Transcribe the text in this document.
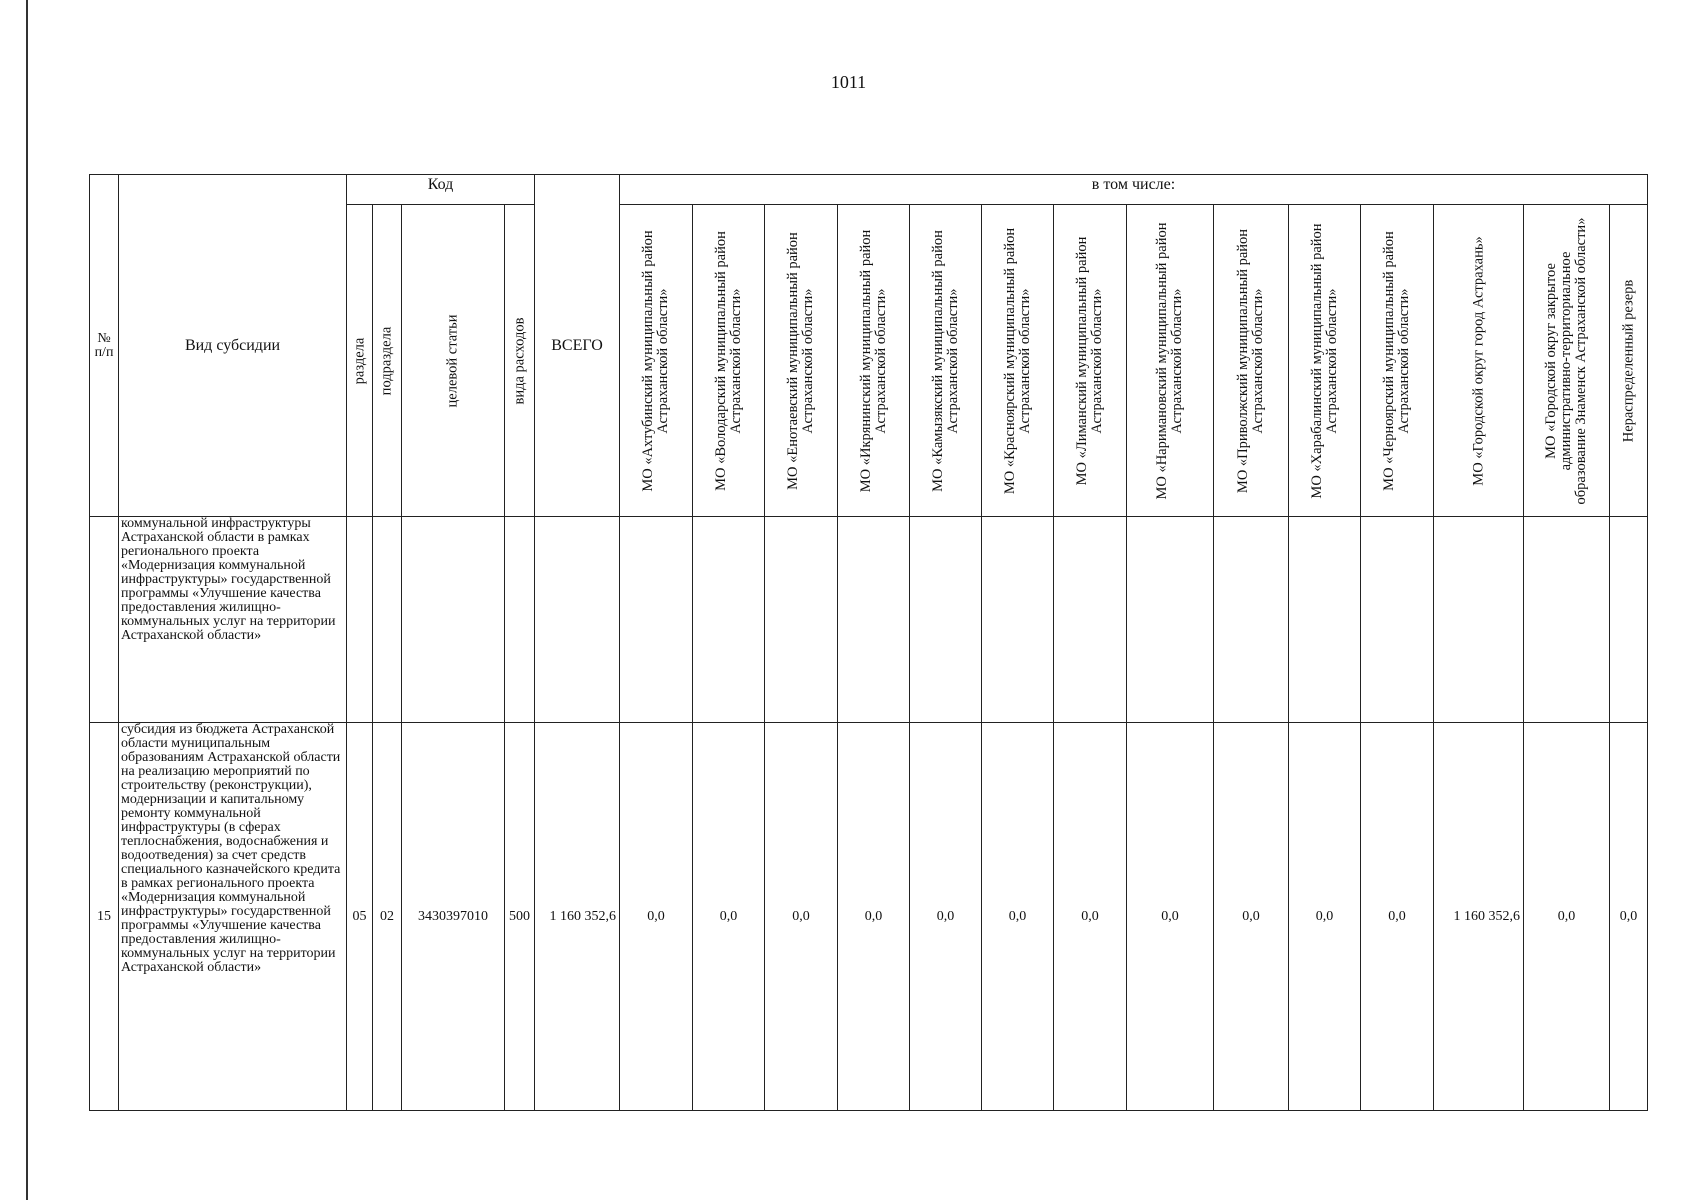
1011
№ п/п	Вид субсидии	Код				ВСЕГО	в том числе:													

		раздела	подраздела	целевой статьи	вида расходов		МО «Ахтубинский муниципальный район Астраханской области»	МО «Володарский муниципальный район Астраханской области»	МО «Енотаевский муниципальный район Астраханской области»	МО «Икрянинский муниципальный район Астраханской области»	МО «Камызякский муниципальный район Астраханской области»	МО «Красноярский муниципальный район Астраханской области»	МО «Лиманский муниципальный район Астраханской области»	МО «Наримановский муниципальный район Астраханской области»	МО «Приволжский муниципальный район Астраханской области»	МО «Харабалинский муниципальный район Астраханской области»	МО «Черноярский муниципальный район Астраханской области»	МО «Городской округ город Астрахань»	МО «Городской округ закрытое административно-территориальное образование Знаменск Астраханской области»	Нераспределенный резерв

	коммунальной инфраструктуры Астраханской области в рамках регионального проекта «Модернизация коммунальной инфраструктуры» государственной программы «Улучшение качества предоставления жилищно-коммунальных услуг на территории Астраханской области»																			
15	субсидия из бюджета Астраханской области муниципальным образованиям Астраханской области на реализацию мероприятий по строительству (реконструкции), модернизации и капитальному ремонту коммунальной инфраструктуры (в сферах теплоснабжения, водоснабжения и водоотведения) за счет средств специального казначейского кредита в рамках регионального проекта «Модернизация коммунальной инфраструктуры» государственной программы «Улучшение качества предоставления жилищно-коммунальных услуг на территории Астраханской области»	05	02	3430397010	500	1 160 352,6	0,0	0,0	0,0	0,0	0,0	0,0	0,0	0,0	0,0	0,0	0,0	1 160 352,6	0,0	0,0
